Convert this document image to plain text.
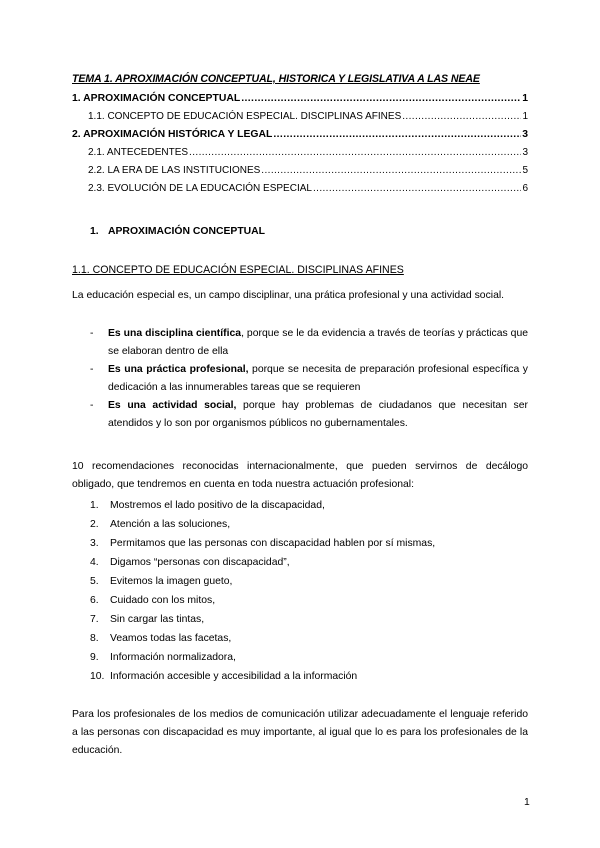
TEMA 1. APROXIMACIÓN CONCEPTUAL, HISTORICA Y LEGISLATIVA A LAS NEAE
1. APROXIMACIÓN CONCEPTUAL .....	1
1.1. CONCEPTO DE EDUCACIÓN ESPECIAL. DISCIPLINAS AFINES .....	1
2. APROXIMACIÓN HISTÓRICA Y LEGAL .....	3
2.1. ANTECEDENTES .....	3
2.2. LA ERA DE LAS INSTITUCIONES .....	5
2.3. EVOLUCIÓN DE LA EDUCACIÓN ESPECIAL .....	6
1. APROXIMACIÓN CONCEPTUAL
1.1. CONCEPTO DE EDUCACIÓN ESPECIAL. DISCIPLINAS AFINES
La educación especial es, un campo disciplinar, una prática profesional y una actividad social.
-	Es una disciplina científica, porque se le da evidencia a través de teorías y prácticas que se elaboran dentro de ella
-	Es una práctica profesional, porque se necesita de preparación profesional específica y dedicación a las innumerables tareas que se requieren
-	Es una actividad social, porque hay problemas de ciudadanos que necesitan ser atendidos y lo son por organismos públicos no gubernamentales.
10 recomendaciones reconocidas internacionalmente, que pueden servirnos de decálogo obligado, que tendremos en cuenta en toda nuestra actuación profesional:
1.	Mostremos el lado positivo de la discapacidad,
2.	Atención a las soluciones,
3.	Permitamos que las personas con discapacidad hablen por sí mismas,
4.	Digamos “personas con discapacidad”,
5.	Evitemos la imagen gueto,
6.	Cuidado con los mitos,
7.	Sin cargar las tintas,
8.	Veamos todas las facetas,
9.	Información normalizadora,
10. Información accesible y accesibilidad a la información
Para los profesionales de los medios de comunicación utilizar adecuadamente el lenguaje referido a las personas con discapacidad es muy importante, al igual que lo es para los profesionales de la educación.
1
